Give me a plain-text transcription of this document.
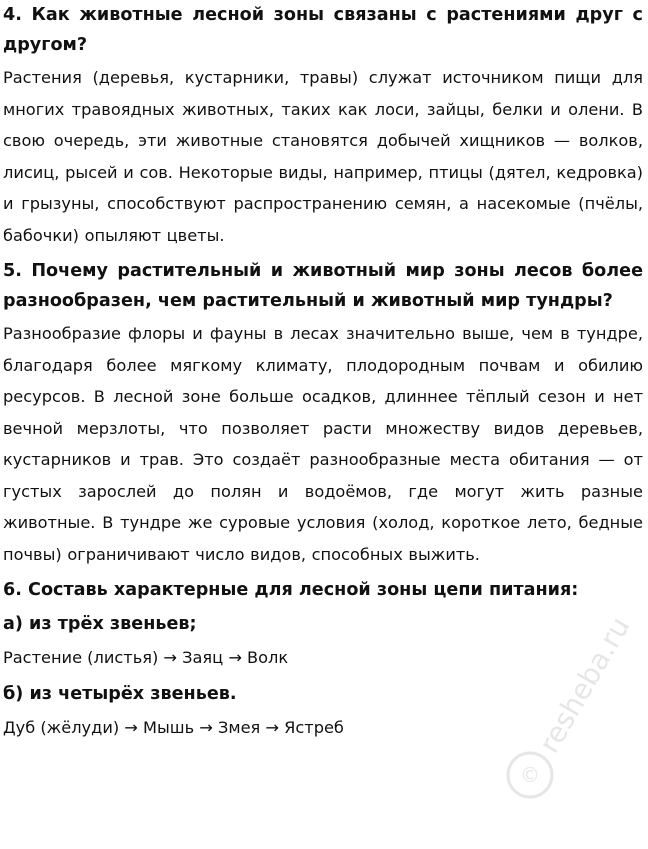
4. Как животные лесной зоны связаны с растениями друг с другом?

Растения (деревья, кустарники, травы) служат источником пищи для многих травоядных животных, таких как лоси, зайцы, белки и олени. В свою очередь, эти животные становятся добычей хищников — волков, лисиц, рысей и сов. Некоторые виды, например, птицы (дятел, кедровка) и грызуны, способствуют распространению семян, а насекомые (пчёлы, бабочки) опыляют цветы.

5. Почему растительный и животный мир зоны лесов более разнообразен, чем растительный и животный мир тундры?

Разнообразие флоры и фауны в лесах значительно выше, чем в тундре, благодаря более мягкому климату, плодородным почвам и обилию ресурсов. В лесной зоне больше осадков, длиннее тёплый сезон и нет вечной мерзлоты, что позволяет расти множеству видов деревьев, кустарников и трав. Это создаёт разнообразные места обитания — от густых зарослей до полян и водоёмов, где могут жить разные животные. В тундре же суровые условия (холод, короткое лето, бедные почвы) ограничивают число видов, способных выжить.

6. Составь характерные для лесной зоны цепи питания:

а) из трёх звеньев;

Растение (листья) → Заяц → Волк

б) из четырёх звеньев.

Дуб (жёлуди) → Мышь → Змея → Ястреб

©
resheba.ru
